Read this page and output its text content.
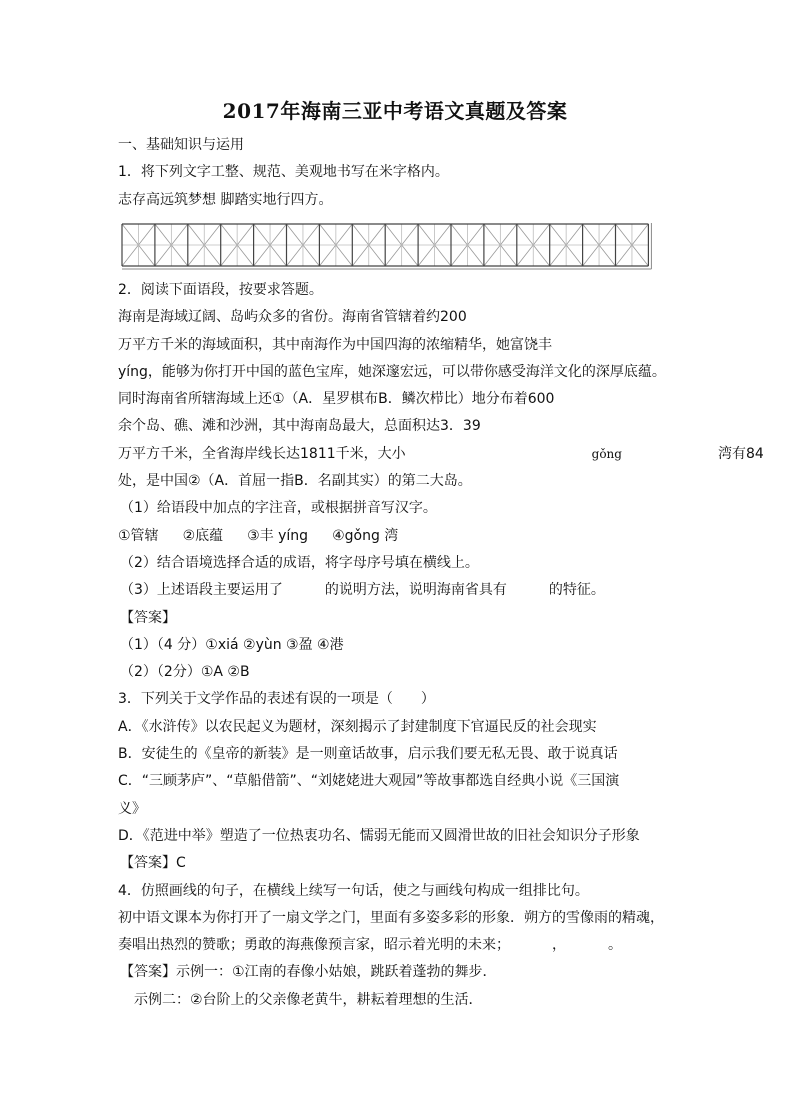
2017年海南三亚中考语文真题及答案
一、基础知识与运用
1．将下列文字工整、规范、美观地书写在米字格内。
志存高远筑梦想 脚踏实地行四方。
2．阅读下面语段，按要求答题。
海南是海域辽阔、岛屿众多的省份。海南省管辖着约200
万平方千米的海域面积，其中南海作为中国四海的浓缩精华，她富饶丰
yíng，能够为你打开中国的蓝色宝库，她深邃宏远，可以带你感受海洋文化的深厚底蕴。
同时海南省所辖海域上还①（A．星罗棋布B．鳞次栉比）地分布着600
余个岛、礁、滩和沙洲，其中海南岛最大，总面积达3．39
万平方千米，全省海岸线长达1811千米，大小	gǒng	湾有84
处，是中国②（A．首屈一指B．名副其实）的第二大岛。
（1）给语段中加点的字注音，或根据拼音写汉字。
①管辖 ②底蕴 ③丰 yíng ④gǒng 湾
（2）结合语境选择合适的成语，将字母序号填在横线上。
（3）上述语段主要运用了	的说明方法，说明海南省具有	的特征。
【答案】
（1）（4 分）①xiá ②yùn ③盈 ④港
（2）（2分）①A ②B
3．下列关于文学作品的表述有误的一项是（　　）
A．《水浒传》以农民起义为题材，深刻揭示了封建制度下官逼民反的社会现实
B．安徒生的《皇帝的新装》是一则童话故事，启示我们要无私无畏、敢于说真话
C．“三顾茅庐”、“草船借箭”、“刘姥姥进大观园”等故事都选自经典小说《三国演
义》
D．《范进中举》塑造了一位热衷功名、懦弱无能而又圆滑世故的旧社会知识分子形象
【答案】C
4．仿照画线的句子，在横线上续写一句话，使之与画线句构成一组排比句。
初中语文课本为你打开了一扇文学之门，里面有多姿多彩的形象．朔方的雪像雨的精魂，
奏唱出热烈的赞歌；勇敢的海燕像预言家，昭示着光明的未来；	，	。
【答案】示例一：①江南的春像小姑娘，跳跃着蓬勃的舞步．
示例二：②台阶上的父亲像老黄牛，耕耘着理想的生活．
